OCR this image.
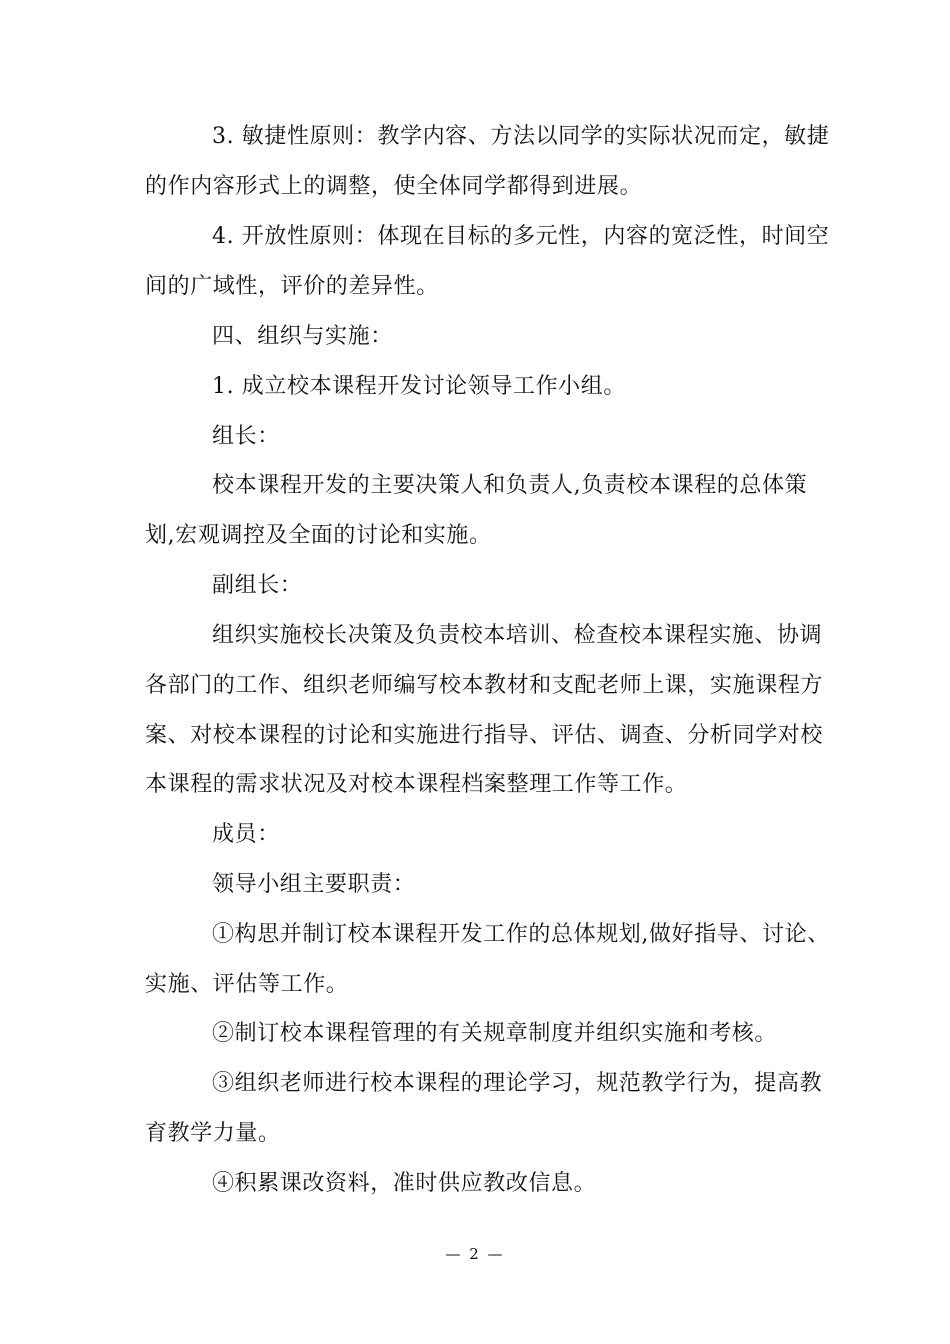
3. 敏捷性原则：教学内容、方法以同学的实际状况而定，敏捷
的作内容形式上的调整，使全体同学都得到进展。
4. 开放性原则：体现在目标的多元性，内容的宽泛性，时间空
间的广域性，评价的差异性。
四、组织与实施：
1. 成立校本课程开发讨论领导工作小组。
组长：
校本课程开发的主要决策人和负责人,负责校本课程的总体策
划,宏观调控及全面的讨论和实施。
副组长：
组织实施校长决策及负责校本培训、检查校本课程实施、协调
各部门的工作、组织老师编写校本教材和支配老师上课，实施课程方
案、对校本课程的讨论和实施进行指导、评估、调查、分析同学对校
本课程的需求状况及对校本课程档案整理工作等工作。
成员：
领导小组主要职责：
①构思并制订校本课程开发工作的总体规划,做好指导、讨论、
实施、评估等工作。
②制订校本课程管理的有关规章制度并组织实施和考核。
③组织老师进行校本课程的理论学习，规范教学行为，提高教
育教学力量。
④积累课改资料，准时供应教改信息。
— 2 —
